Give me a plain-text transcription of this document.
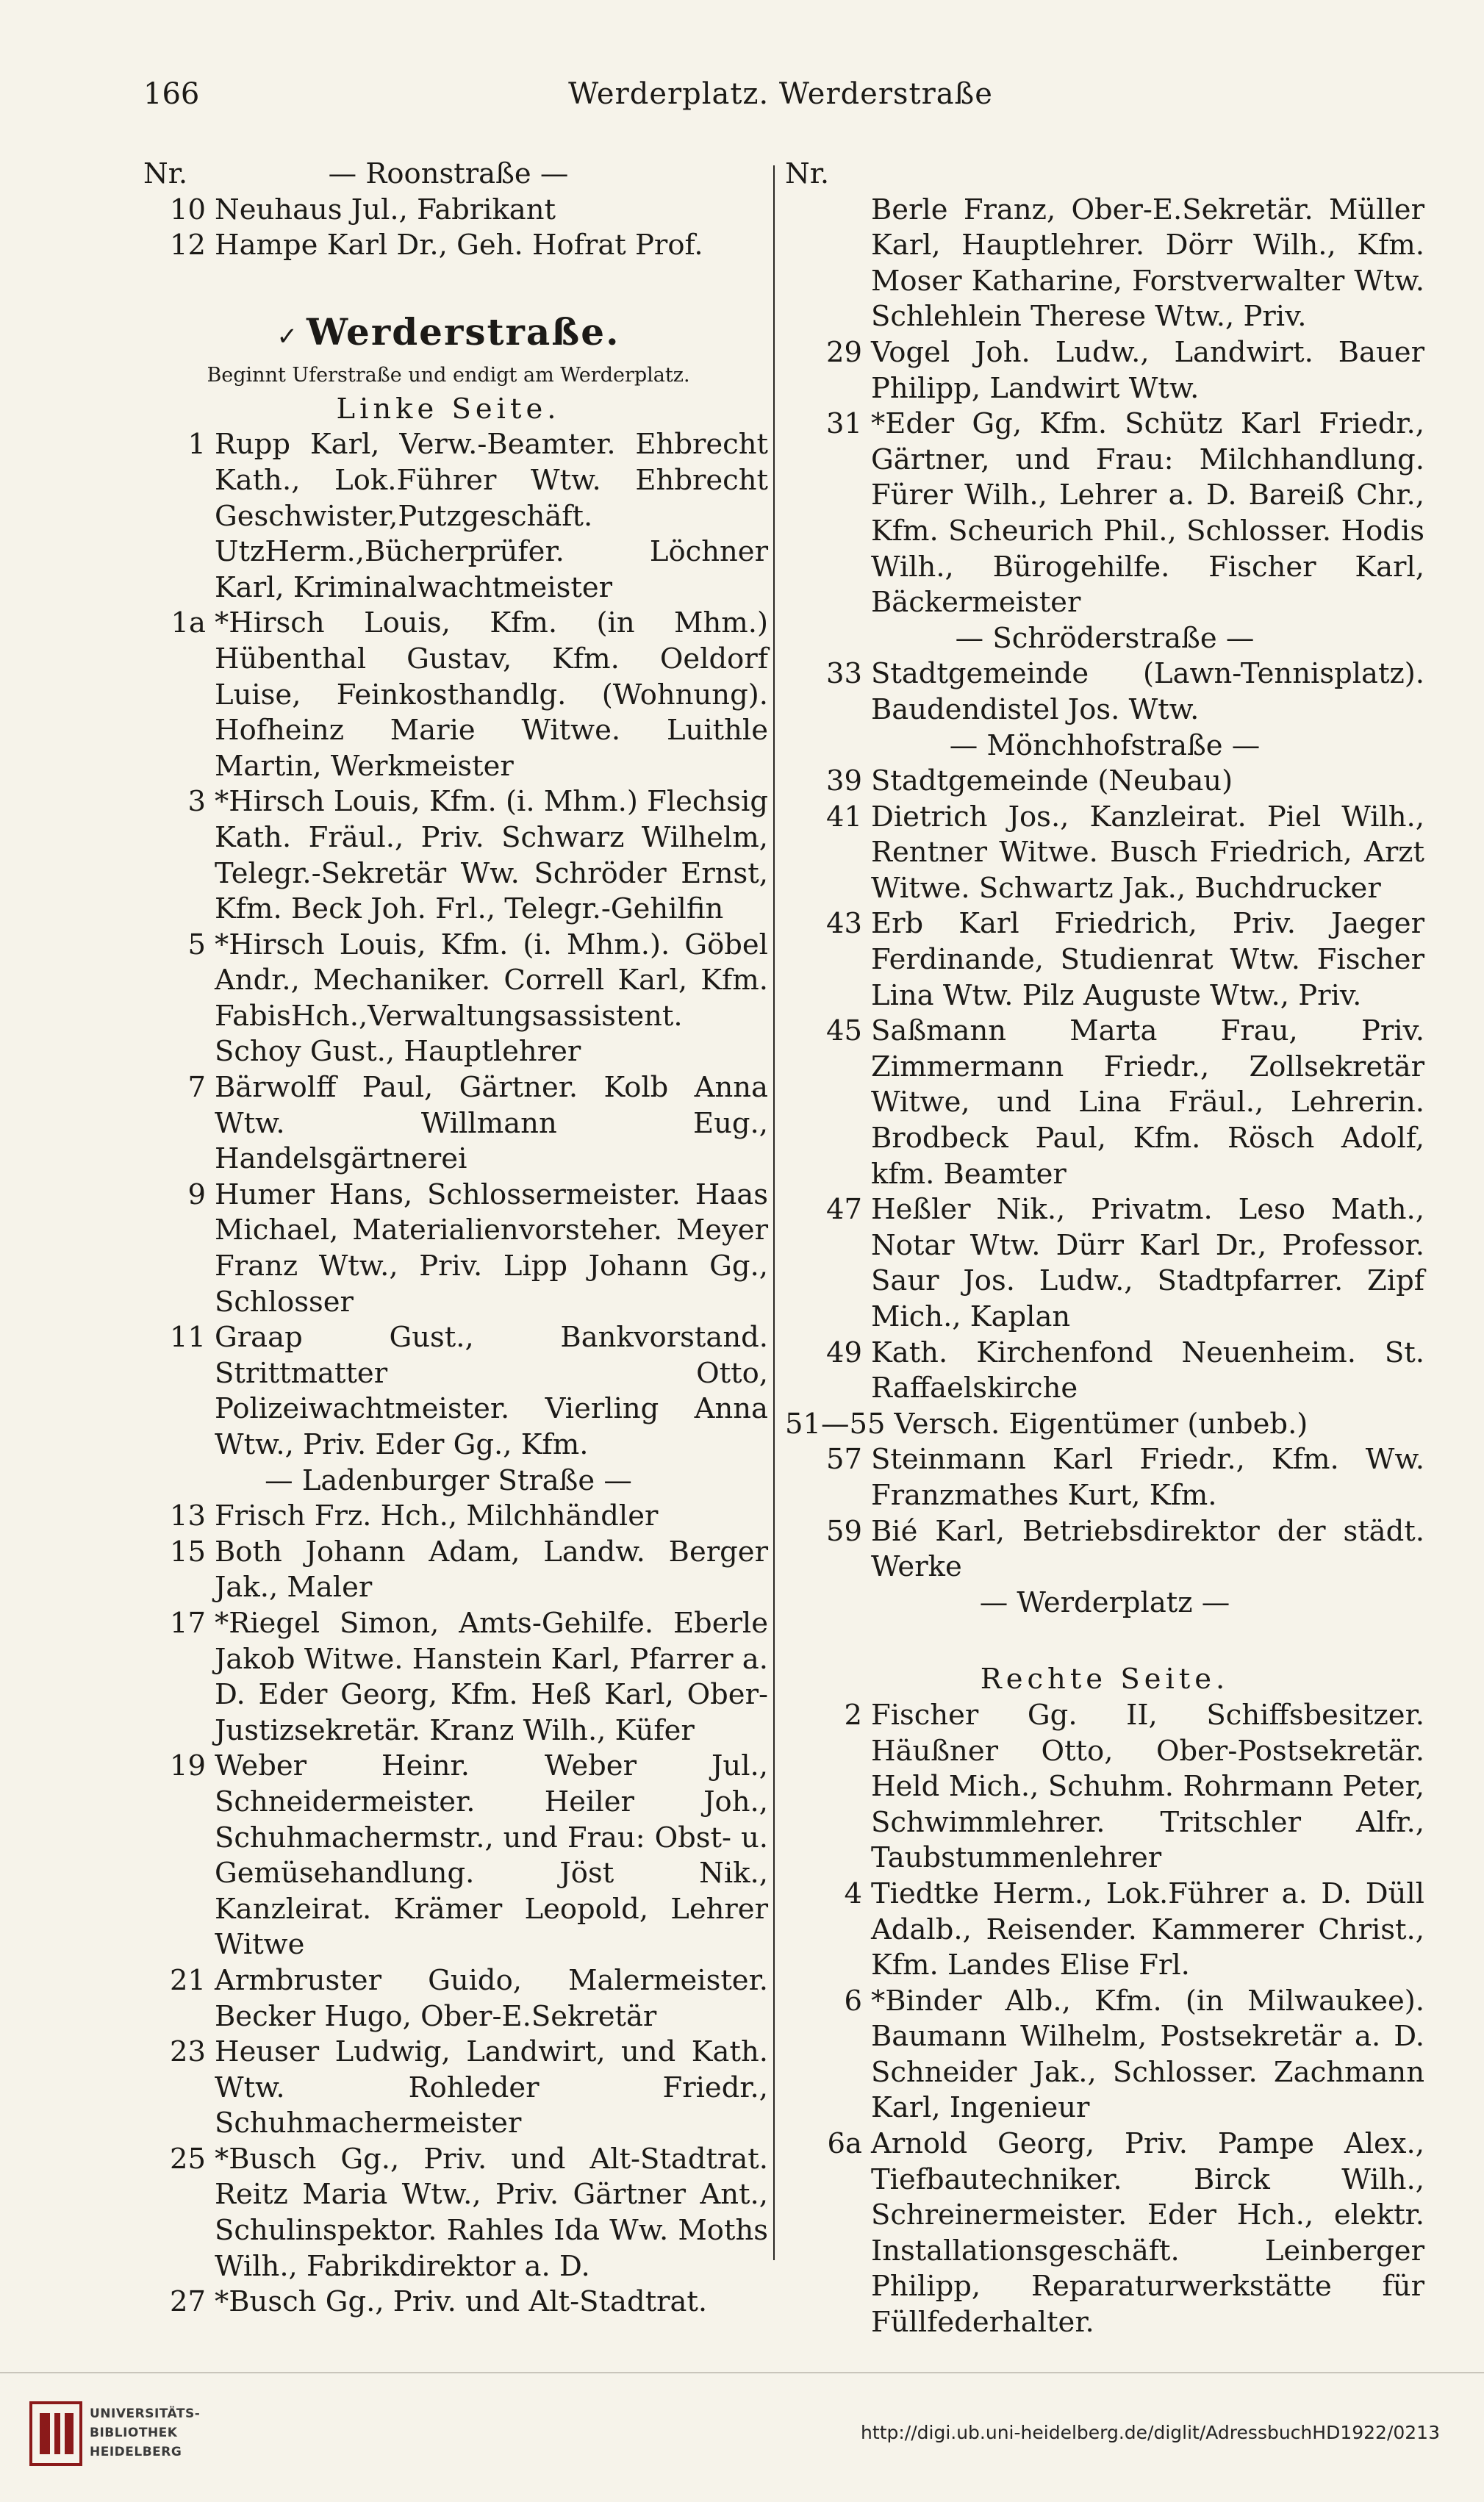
166	Werderplatz. Werderstraße
Nr.	— Roonstraße —
10 Neuhaus Jul., Fabrikant
12 Hampe Karl Dr., Geh. Hofrat Prof.
✓ Werderstraße.
Beginnt Uferstraße und endigt am Werderplatz.
Linke Seite.
1 Rupp Karl, Verw.-Beamter. Ehbrecht Kath., Lok.Führer Wtw. Ehbrecht Geschwister,Putzgeschäft. UtzHerm.,Bücherprüfer. Löchner Karl, Kriminalwachtmeister
1a *Hirsch Louis, Kfm. (in Mhm.) Hübenthal Gustav, Kfm. Oeldorf Luise, Feinkosthandlg. (Wohnung). Hofheinz Marie Witwe. Luithle Martin, Werkmeister
3 *Hirsch Louis, Kfm. (i. Mhm.) Flechsig Kath. Fräul., Priv. Schwarz Wilhelm, Telegr.-Sekretär Ww. Schröder Ernst, Kfm. Beck Joh. Frl., Telegr.-Gehilfin
5 *Hirsch Louis, Kfm. (i. Mhm.). Göbel Andr., Mechaniker. Correll Karl, Kfm. FabisHch.,Verwaltungsassistent. Schoy Gust., Hauptlehrer
7 Bärwolff Paul, Gärtner. Kolb Anna Wtw. Willmann Eug., Handelsgärtnerei
9 Humer Hans, Schlossermeister. Haas Michael, Materialienvorsteher. Meyer Franz Wtw., Priv. Lipp Johann Gg., Schlosser
11 Graap Gust., Bankvorstand. Strittmatter Otto, Polizeiwachtmeister. Vierling Anna Wtw., Priv. Eder Gg., Kfm.
— Ladenburger Straße —
13 Frisch Frz. Hch., Milchhändler
15 Both Johann Adam, Landw. Berger Jak., Maler
17 *Riegel Simon, Amts-Gehilfe. Eberle Jakob Witwe. Hanstein Karl, Pfarrer a. D. Eder Georg, Kfm. Heß Karl, Ober-Justizsekretär. Kranz Wilh., Küfer
19 Weber Heinr. Weber Jul., Schneidermeister. Heiler Joh., Schuhmachermstr., und Frau: Obst- u. Gemüsehandlung. Jöst Nik., Kanzleirat. Krämer Leopold, Lehrer Witwe
21 Armbruster Guido, Malermeister. Becker Hugo, Ober-E.Sekretär
23 Heuser Ludwig, Landwirt, und Kath. Wtw. Rohleder Friedr., Schuhmachermeister
25 *Busch Gg., Priv. und Alt-Stadtrat. Reitz Maria Wtw., Priv. Gärtner Ant., Schulinspektor. Rahles Ida Ww. Moths Wilh., Fabrikdirektor a. D.
27 *Busch Gg., Priv. und Alt-Stadtrat.
Nr.
Berle Franz, Ober-E.Sekretär. Müller Karl, Hauptlehrer. Dörr Wilh., Kfm. Moser Katharine, Forstverwalter Wtw. Schlehlein Therese Wtw., Priv.
29 Vogel Joh. Ludw., Landwirt. Bauer Philipp, Landwirt Wtw.
31 *Eder Gg, Kfm. Schütz Karl Friedr., Gärtner, und Frau: Milchhandlung. Fürer Wilh., Lehrer a. D. Bareiß Chr., Kfm. Scheurich Phil., Schlosser. Hodis Wilh., Bürogehilfe. Fischer Karl, Bäckermeister
— Schröderstraße —
33 Stadtgemeinde (Lawn-Tennisplatz). Baudendistel Jos. Wtw.
— Mönchhofstraße —
39 Stadtgemeinde (Neubau)
41 Dietrich Jos., Kanzleirat. Piel Wilh., Rentner Witwe. Busch Friedrich, Arzt Witwe. Schwartz Jak., Buchdrucker
43 Erb Karl Friedrich, Priv. Jaeger Ferdinande, Studienrat Wtw. Fischer Lina Wtw. Pilz Auguste Wtw., Priv.
45 Saßmann Marta Frau, Priv. Zimmermann Friedr., Zollsekretär Witwe, und Lina Fräul., Lehrerin. Brodbeck Paul, Kfm. Rösch Adolf, kfm. Beamter
47 Heßler Nik., Privatm. Leso Math., Notar Wtw. Dürr Karl Dr., Professor. Saur Jos. Ludw., Stadtpfarrer. Zipf Mich., Kaplan
49 Kath. Kirchenfond Neuenheim. St. Raffaelskirche
51—55 Versch. Eigentümer (unbeb.)
57 Steinmann Karl Friedr., Kfm. Ww. Franzmathes Kurt, Kfm.
59 Bié Karl, Betriebsdirektor der städt. Werke
— Werderplatz —
Rechte Seite.
2 Fischer Gg. II, Schiffsbesitzer. Häußner Otto, Ober-Postsekretär. Held Mich., Schuhm. Rohrmann Peter, Schwimmlehrer. Tritschler Alfr., Taubstummenlehrer
4 Tiedtke Herm., Lok.Führer a. D. Düll Adalb., Reisender. Kammerer Christ., Kfm. Landes Elise Frl.
6 *Binder Alb., Kfm. (in Milwaukee). Baumann Wilhelm, Postsekretär a. D. Schneider Jak., Schlosser. Zachmann Karl, Ingenieur
6a Arnold Georg, Priv. Pampe Alex., Tiefbautechniker. Birck Wilh., Schreinermeister. Eder Hch., elektr. Installationsgeschäft. Leinberger Philipp, Reparaturwerkstätte für Füllfederhalter.
UNIVERSITÄTS-
BIBLIOTHEK
HEIDELBERG
http://digi.ub.uni-heidelberg.de/diglit/AdressbuchHD1922/0213
